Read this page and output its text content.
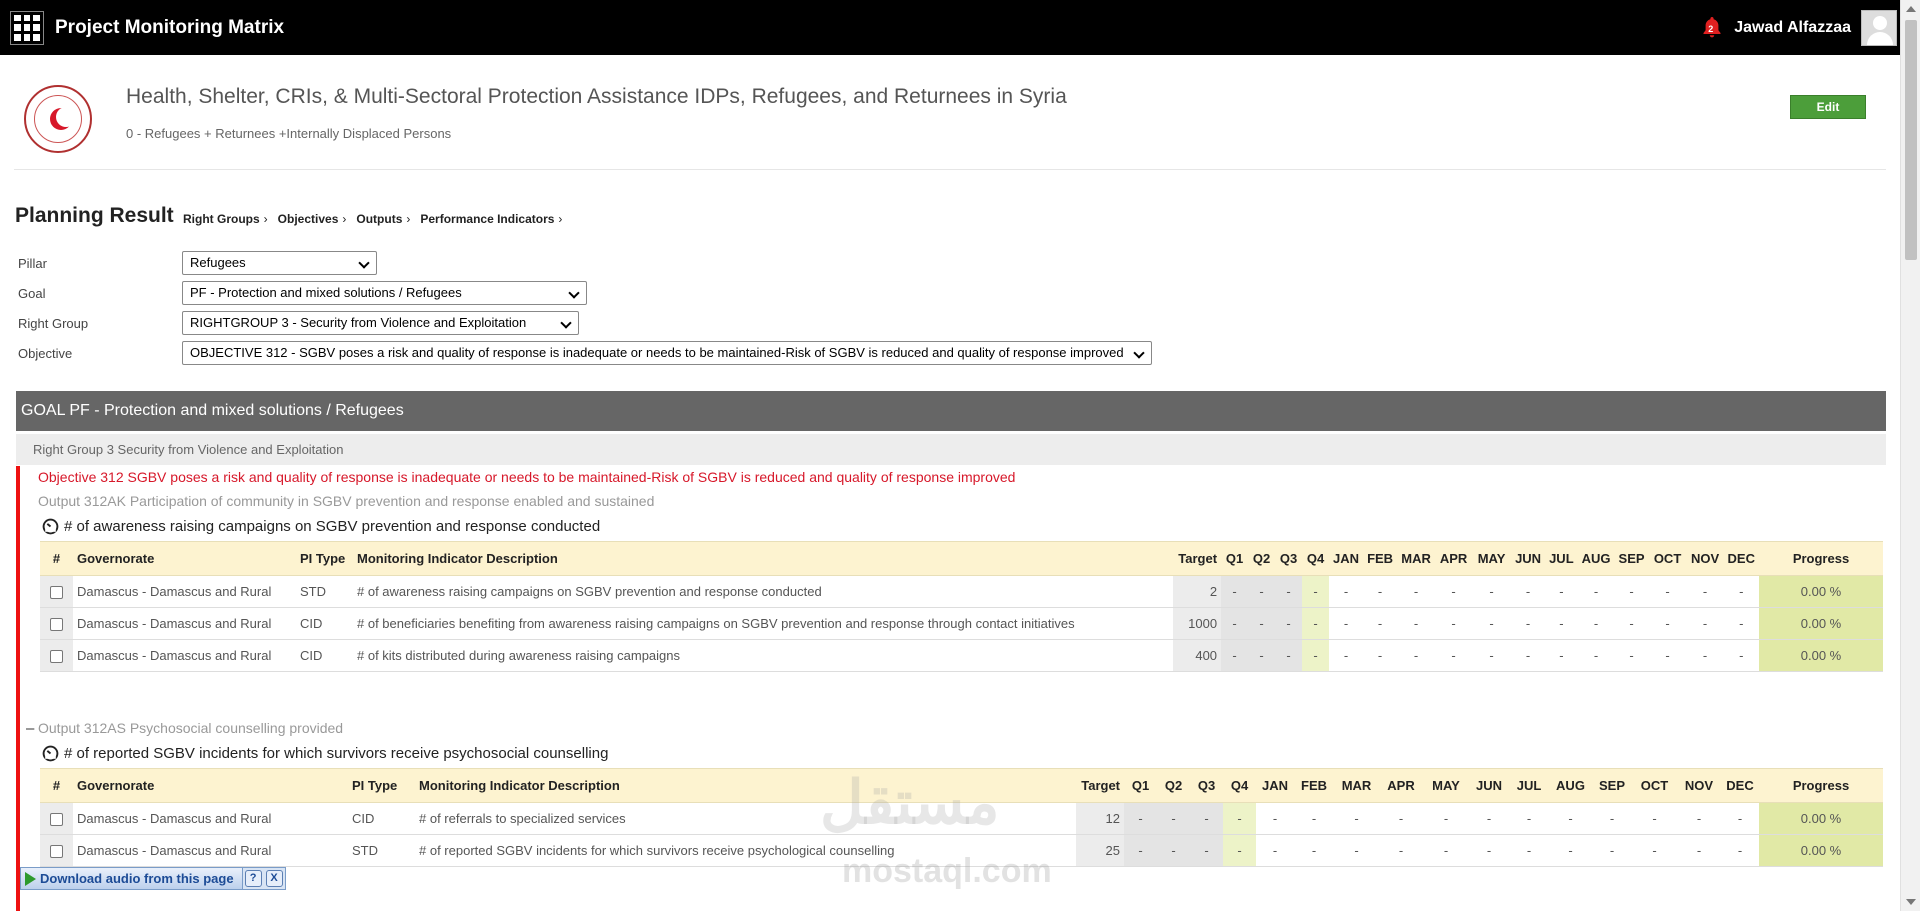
Project Monitoring Matrix	2 Jawad Alfazzaa
Health, Shelter, CRIs, & Multi-Sectoral Protection Assistance IDPs, Refugees, and Returnees in Syria
0 - Refugees + Returnees +Internally Displaced Persons
Edit
Planning Result Right Groups ›	Objectives ›	Outputs ›	Performance Indicators ›
Pillar	Refugees
Goal	PF - Protection and mixed solutions / Refugees
Right Group	RIGHTGROUP 3 - Security from Violence and Exploitation
Objective	OBJECTIVE 312 - SGBV poses a risk and quality of response is inadequate or needs to be maintained-Risk of SGBV is reduced and quality of response improved
GOAL PF - Protection and mixed solutions / Refugees
Right Group 3 Security from Violence and Exploitation
Objective 312 SGBV poses a risk and quality of response is inadequate or needs to be maintained-Risk of SGBV is reduced and quality of response improved
Output 312AK Participation of community in SGBV prevention and response enabled and sustained
# of awareness raising campaigns on SGBV prevention and response conducted
#	Governorate	PI Type	Monitoring Indicator Description	Target	Q1	Q2	Q3	Q4	JAN	FEB	MAR	APR	MAY	JUN	JUL	AUG	SEP	OCT	NOV	DEC	Progress
	Damascus - Damascus and Rural	STD	# of awareness raising campaigns on SGBV prevention and response conducted	2	-	-	-	-	-	-	-	-	-	-	-	-	-	-	-	-	0.00 %
	Damascus - Damascus and Rural	CID	# of beneficiaries benefiting from awareness raising campaigns on SGBV prevention and response through contact initiatives	1000	-	-	-	-	-	-	-	-	-	-	-	-	-	-	-	-	0.00 %
	Damascus - Damascus and Rural	CID	# of kits distributed during awareness raising campaigns	400	-	-	-	-	-	-	-	-	-	-	-	-	-	-	-	-	0.00 %
– Output 312AS Psychosocial counselling provided
# of reported SGBV incidents for which survivors receive psychosocial counselling
#	Governorate	PI Type	Monitoring Indicator Description	Target	Q1	Q2	Q3	Q4	JAN	FEB	MAR	APR	MAY	JUN	JUL	AUG	SEP	OCT	NOV	DEC	Progress
	Damascus - Damascus and Rural	CID	# of referrals to specialized services	12	-	-	-	-	-	-	-	-	-	-	-	-	-	-	-	-	0.00 %
	Damascus - Damascus and Rural	STD	# of reported SGBV incidents for which survivors receive psychological counselling	25	-	-	-	-	-	-	-	-	-	-	-	-	-	-	-	-	0.00 %
مستقل
mostaql.com
Download audio from this page	?	X
